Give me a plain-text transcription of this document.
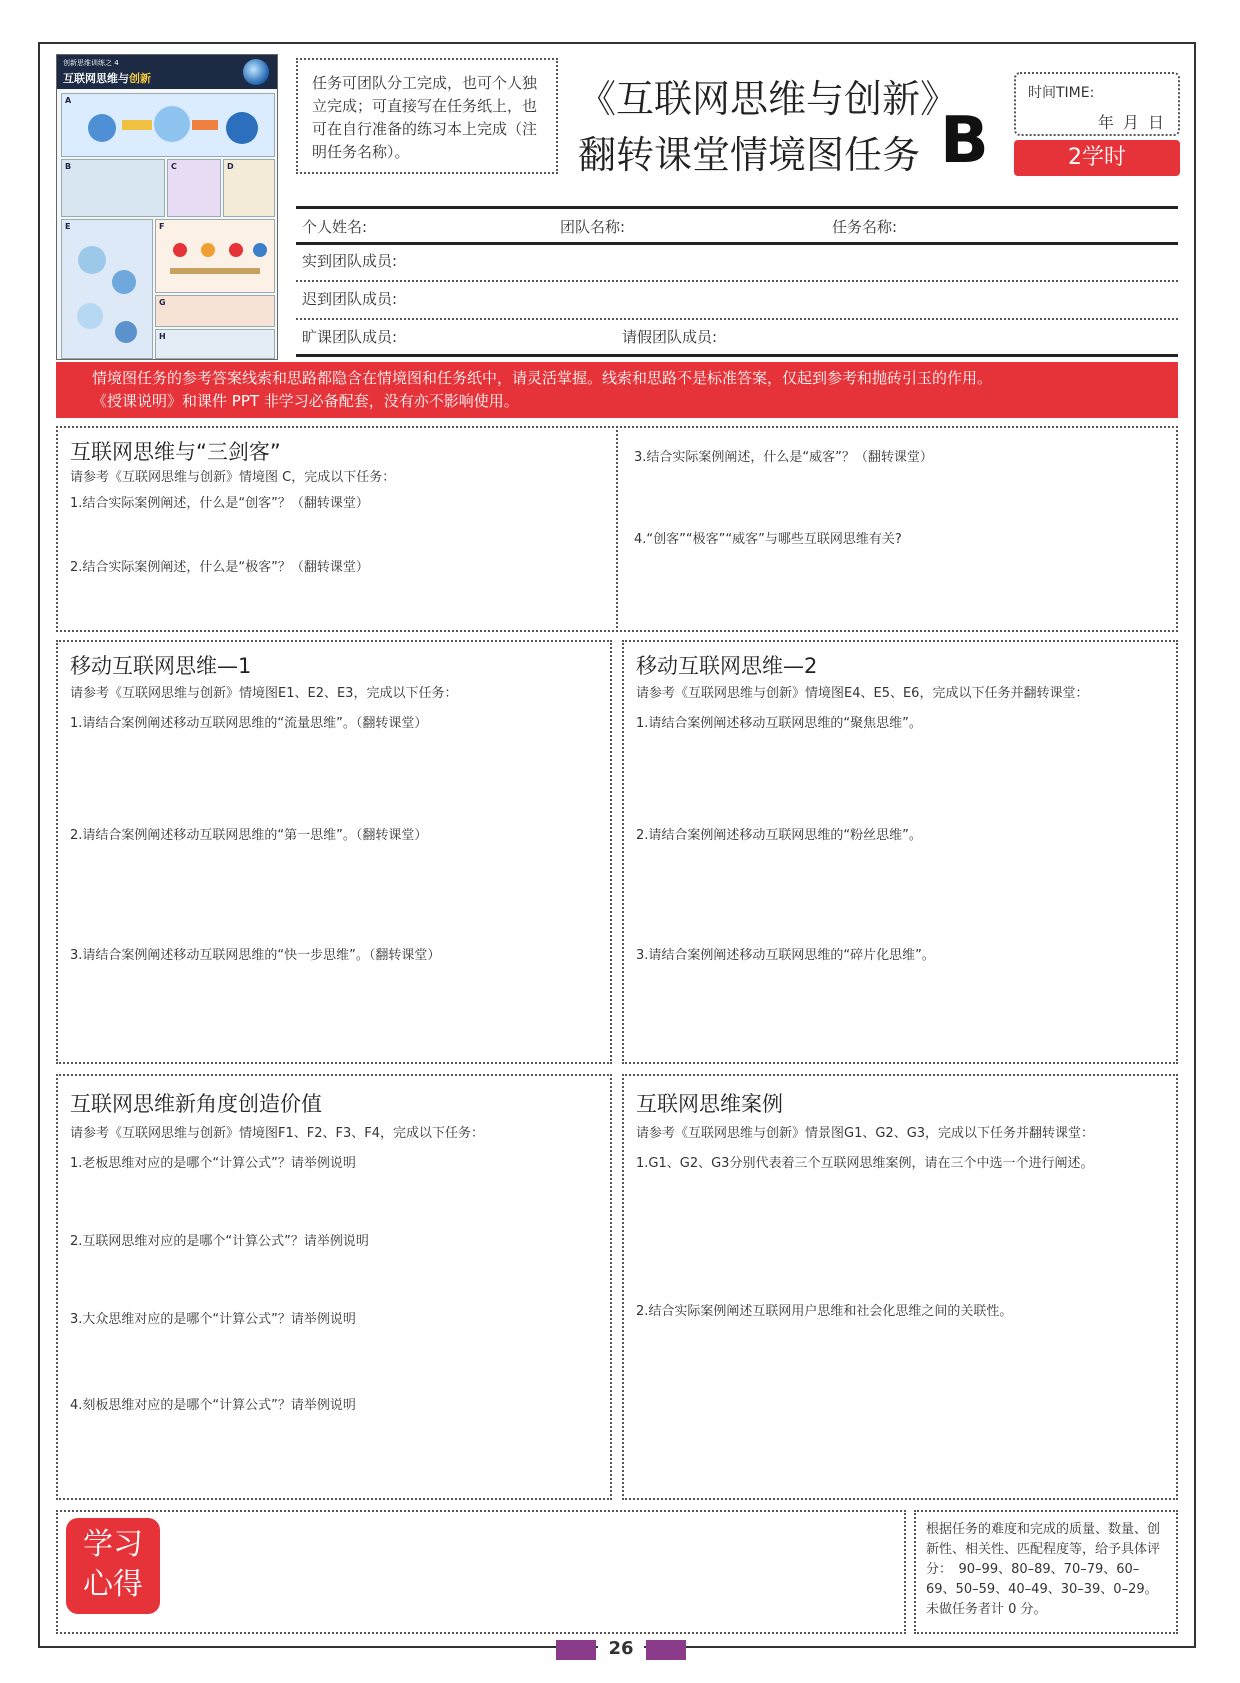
创新思维训练之 4
互联网思维与创新
A
B	C	D
E	F
G
H
任务可团队分工完成，也可个人独立完成；可直接写在任务纸上，也可在自行准备的练习本上完成（注明任务名称）。
《互联网思维与创新》
翻转课堂情境图任务 B
时间TIME:
年 月 日
2学时
个人姓名:	团队名称:	任务名称:
实到团队成员:
迟到团队成员:
旷课团队成员:	请假团队成员:
情境图任务的参考答案线索和思路都隐含在情境图和任务纸中，请灵活掌握。线索和思路不是标准答案，仅起到参考和抛砖引玉的作用。
《授课说明》和课件 PPT 非学习必备配套，没有亦不影响使用。
互联网思维与“三剑客”
请参考《互联网思维与创新》情境图 C，完成以下任务：
1.结合实际案例阐述，什么是“创客”？（翻转课堂）
2.结合实际案例阐述，什么是“极客”？（翻转课堂）
3.结合实际案例阐述，什么是“威客”？（翻转课堂）
4.“创客”“极客”“威客”与哪些互联网思维有关?
移动互联网思维—1
请参考《互联网思维与创新》情境图E1、E2、E3，完成以下任务：
1.请结合案例阐述移动互联网思维的“流量思维”。（翻转课堂）
2.请结合案例阐述移动互联网思维的“第一思维”。（翻转课堂）
3.请结合案例阐述移动互联网思维的“快一步思维”。（翻转课堂）
移动互联网思维—2
请参考《互联网思维与创新》情境图E4、E5、E6，完成以下任务并翻转课堂：
1.请结合案例阐述移动互联网思维的“聚焦思维”。
2.请结合案例阐述移动互联网思维的“粉丝思维”。
3.请结合案例阐述移动互联网思维的“碎片化思维”。
互联网思维新角度创造价值
请参考《互联网思维与创新》情境图F1、F2、F3、F4，完成以下任务：
1.老板思维对应的是哪个“计算公式”？请举例说明
2.互联网思维对应的是哪个“计算公式”？请举例说明
3.大众思维对应的是哪个“计算公式”？请举例说明
4.刻板思维对应的是哪个“计算公式”？请举例说明
互联网思维案例
请参考《互联网思维与创新》情景图G1、G2、G3，完成以下任务并翻转课堂：
1.G1、G2、G3分别代表着三个互联网思维案例，请在三个中选一个进行阐述。
2.结合实际案例阐述互联网用户思维和社会化思维之间的关联性。
学习
心得
根据任务的难度和完成的质量、数量、创新性、相关性、匹配程度等，给予具体评分：　90–99、80–89、70–79、60–69、50–59、40–49、30–39、0–29。未做任务者计 0 分。
26
